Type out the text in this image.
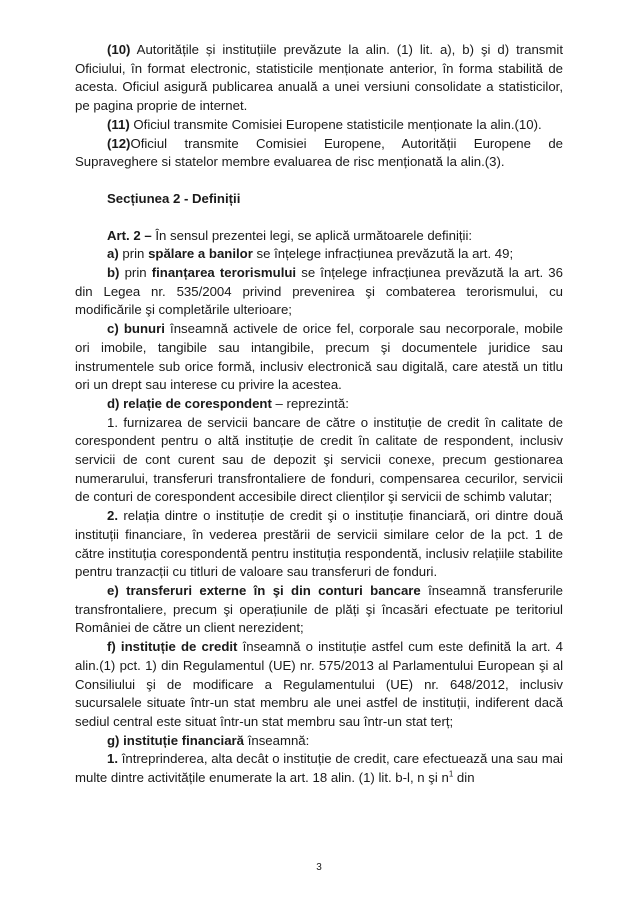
(10) Autoritățile și instituțiile prevăzute la alin. (1) lit. a), b) şi d) transmit Oficiului, în format electronic, statisticile menționate anterior, în forma stabilită de acesta. Oficiul asigură publicarea anuală a unei versiuni consolidate a statisticilor, pe pagina proprie de internet.

(11) Oficiul transmite Comisiei Europene statisticile menționate la alin.(10).

(12)Oficiul transmite Comisiei Europene, Autorității Europene de Supraveghere si statelor membre evaluarea de risc menționată la alin.(3).

Secțiunea 2 - Definiții

Art. 2 – În sensul prezentei legi, se aplică următoarele definiții:

a) prin spălare a banilor se înțelege infracțiunea prevăzută la art. 49;

b) prin finanțarea terorismului se înțelege infracțiunea prevăzută la art. 36 din Legea nr. 535/2004 privind prevenirea şi combaterea terorismului, cu modificările şi completările ulterioare;

c) bunuri înseamnă activele de orice fel, corporale sau necorporale, mobile ori imobile, tangibile sau intangibile, precum şi documentele juridice sau instrumentele sub orice formă, inclusiv electronică sau digitală, care atestă un titlu ori un drept sau interese cu privire la acestea.

d) relație de corespondent – reprezintă:

1. furnizarea de servicii bancare de către o instituție de credit în calitate de corespondent pentru o altă instituție de credit în calitate de respondent, inclusiv servicii de cont curent sau de depozit şi servicii conexe, precum gestionarea numerarului, transferuri transfrontaliere de fonduri, compensarea cecurilor, servicii de conturi de corespondent accesibile direct clienților şi servicii de schimb valutar;

2. relația dintre o instituție de credit şi o instituție financiară, ori dintre două instituții financiare, în vederea prestării de servicii similare celor de la pct. 1 de către instituția corespondentă pentru instituția respondentă, inclusiv relațiile stabilite pentru tranzacții cu titluri de valoare sau transferuri de fonduri.

e) transferuri externe în şi din conturi bancare înseamnă transferurile transfrontaliere, precum şi operațiunile de plăți şi încasări efectuate pe teritoriul României de către un client nerezident;

f) instituție de credit înseamnă o instituție astfel cum este definită la art. 4 alin.(1) pct. 1) din Regulamentul (UE) nr. 575/2013 al Parlamentului European şi al Consiliului şi de modificare a Regulamentului (UE) nr. 648/2012, inclusiv sucursalele situate într-un stat membru ale unei astfel de instituții, indiferent dacă sediul central este situat într-un stat membru sau într-un stat terț;

g) instituție financiară înseamnă:

1. întreprinderea, alta decât o instituție de credit, care efectuează una sau mai multe dintre activitățile enumerate la art. 18 alin. (1) lit. b-l, n şi $n^1$ din

3
